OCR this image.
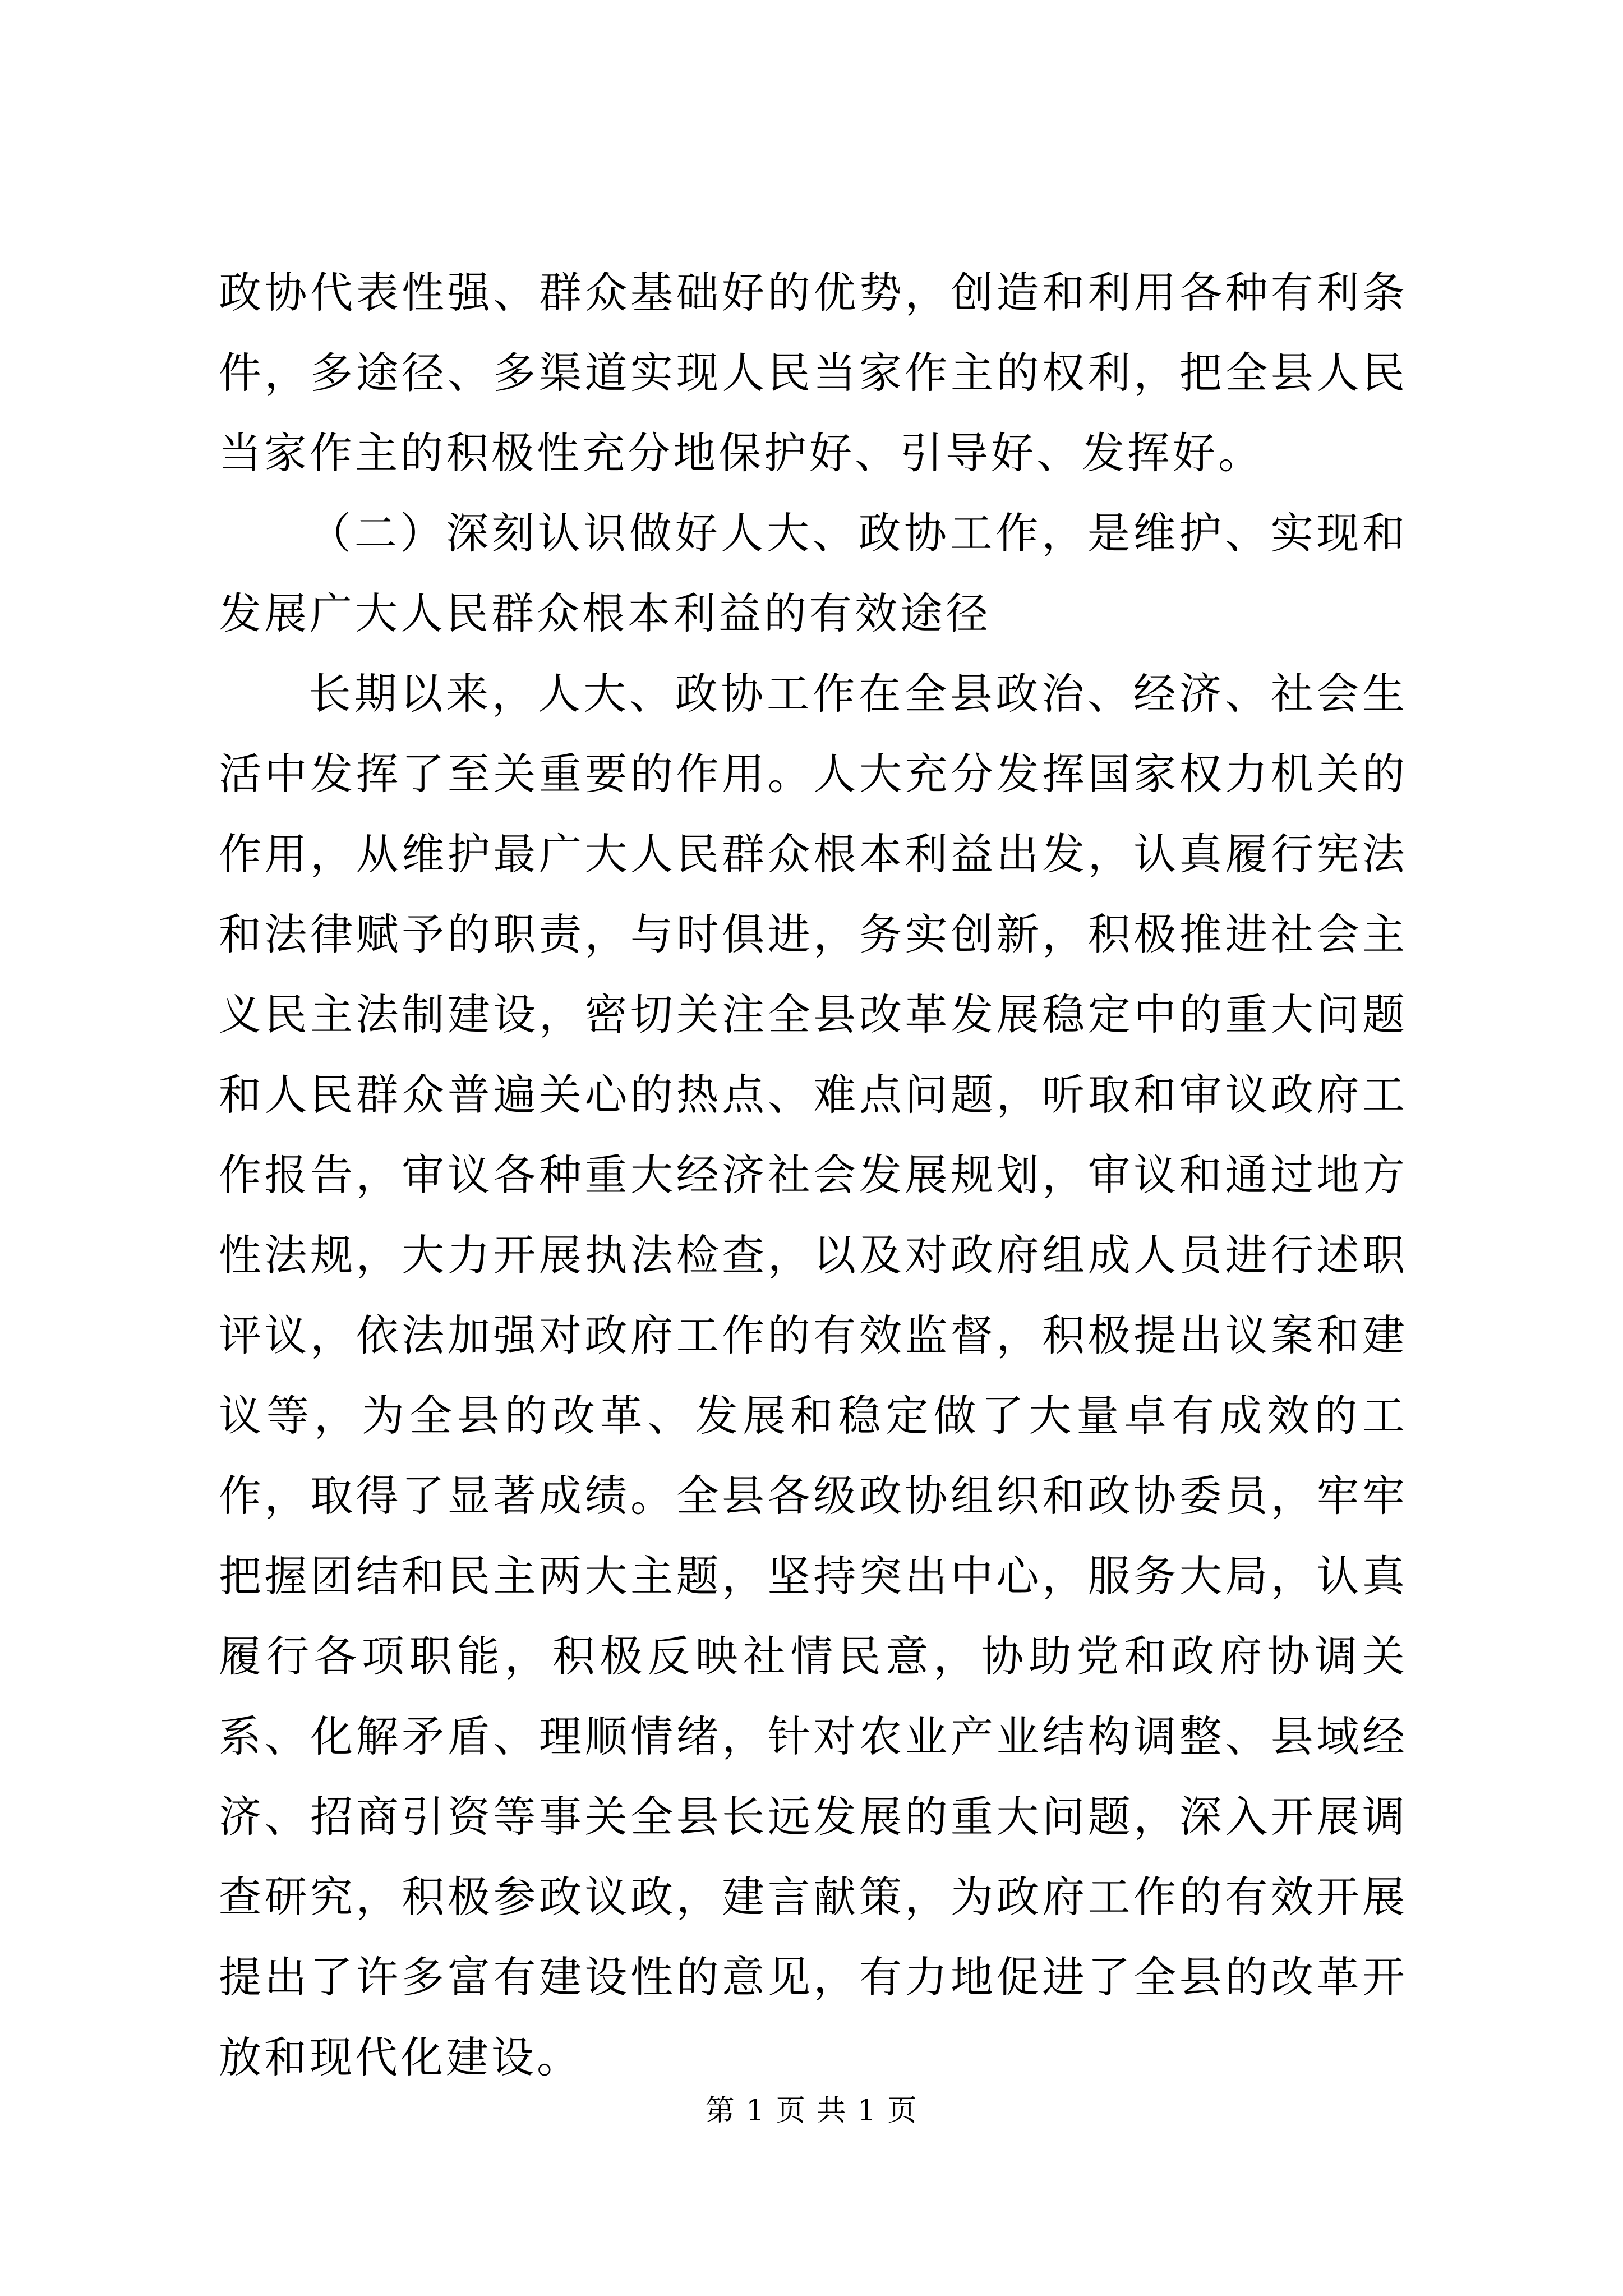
政协代表性强、群众基础好的优势，创造和利用各种有利条件，多途径、多渠道实现人民当家作主的权利，把全县人民当家作主的积极性充分地保护好、引导好、发挥好。

（二）深刻认识做好人大、政协工作，是维护、实现和发展广大人民群众根本利益的有效途径

长期以来，人大、政协工作在全县政治、经济、社会生活中发挥了至关重要的作用。人大充分发挥国家权力机关的作用，从维护最广大人民群众根本利益出发，认真履行宪法和法律赋予的职责，与时俱进，务实创新，积极推进社会主义民主法制建设，密切关注全县改革发展稳定中的重大问题和人民群众普遍关心的热点、难点问题，听取和审议政府工作报告，审议各种重大经济社会发展规划，审议和通过地方性法规，大力开展执法检查，以及对政府组成人员进行述职评议，依法加强对政府工作的有效监督，积极提出议案和建议等，为全县的改革、发展和稳定做了大量卓有成效的工作，取得了显著成绩。全县各级政协组织和政协委员，牢牢把握团结和民主两大主题，坚持突出中心，服务大局，认真履行各项职能，积极反映社情民意，协助党和政府协调关系、化解矛盾、理顺情绪，针对农业产业结构调整、县域经济、招商引资等事关全县长远发展的重大问题，深入开展调查研究，积极参政议政，建言献策，为政府工作的有效开展提出了许多富有建设性的意见，有力地促进了全县的改革开放和现代化建设。

第 1 页 共 1 页
